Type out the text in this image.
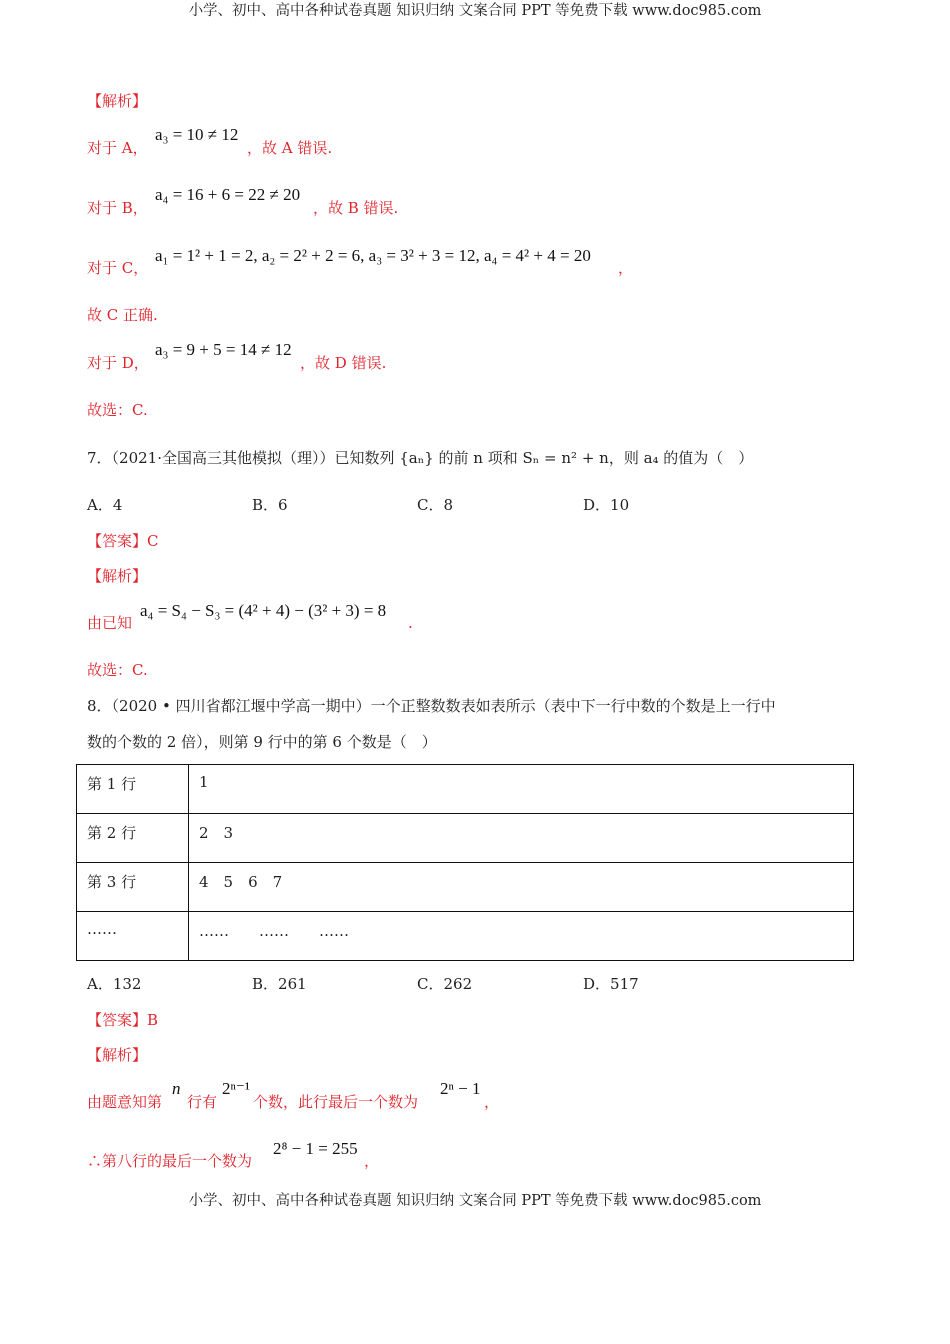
小学、初中、高中各种试卷真题 知识归纳 文案合同 PPT 等免费下载 www.doc985.com
【解析】
对于 A，
a₃ = 10 ≠ 12
，故 A 错误.
对于 B，
a₄ = 16 + 6 = 22 ≠ 20
，故 B 错误.
对于 C，
a₁ = 1² + 1 = 2, a₂ = 2² + 2 = 6, a₃ = 3² + 3 = 12, a₄ = 4² + 4 = 20
，
故 C 正确.
对于 D，
a₃ = 9 + 5 = 14 ≠ 12
，故 D 错误.
故选：C.
7．（2021·全国高三其他模拟（理））已知数列 {aₙ} 的前 n 项和 Sₙ = n² + n，则 a₄ 的值为（　）
A．4	B．6	C．8	D．10
【答案】C
【解析】
由已知
a₄ = S₄ − S₃ = (4² + 4) − (3² + 3) = 8
.
故选：C.
8．（2020 • 四川省都江堰中学高一期中）一个正整数数表如表所示（表中下一行中数的个数是上一行中
数的个数的 2 倍），则第 9 行中的第 6 个数是（　）
第 1 行	1
第 2 行	2　3
第 3 行	4　5　6　7
……	……　　……　　……
A．132	B．261	C．262	D．517
【答案】B
【解析】
由题意知第
n
行有
2ⁿ⁻¹
个数，此行最后一个数为
2ⁿ − 1
，
∴第八行的最后一个数为
2⁸ − 1 = 255
，
小学、初中、高中各种试卷真题 知识归纳 文案合同 PPT 等免费下载 www.doc985.com
